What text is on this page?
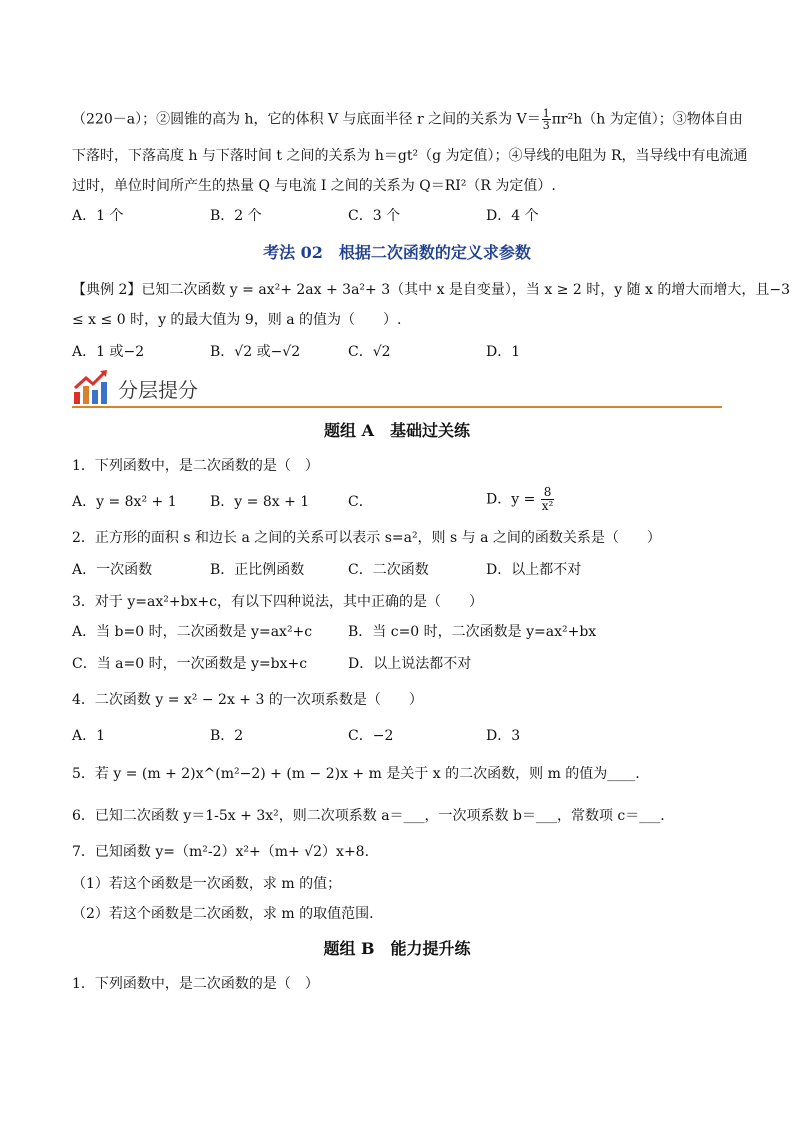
（220－a）；②圆锥的高为 h，它的体积 V 与底面半径 r 之间的关系为 $V= \frac{1}{3} \pi r^2h(h$ 为定值）；③物体自由
下落时，下落高度 h 与下落时间 t 之间的关系为 h＝gt²（g 为定值）；④导线的电阻为 R，当导线中有电流通
过时，单位时间所产生的热量 Q 与电流 I 之间的关系为 Q＝RI²（R 为定值）.
A．1 个	B．2 个	C．3 个	D．4 个
考法 02　根据二次函数的定义求参数
【典例 2】已知二次函数 y = ax²+ 2ax + 3a²+ 3（其中 x 是自变量），当 x ≥ 2 时，y 随 x 的增大而增大，且−3
≤ x ≤ 0 时，y 的最大值为 9，则 a 的值为（　　）.
A．1 或−2	B．√2 或−√2	C．√2	D．1
分层提分
题组 A　基础过关练
1．下列函数中，是二次函数的是（　）
A．y = 8x² + 1 B．y = 8x + 1	C．	D．$y = \frac{8}{\text{x²}}$
2．正方形的面积 s 和边长 a 之间的关系可以表示 s=a²，则 s 与 a 之间的函数关系是（　　）
A．一次函数	B．正比例函数	C．二次函数	D．以上都不对
3．对于 y=ax²+bx+c，有以下四种说法，其中正确的是（　　）
A．当 b=0 时，二次函数是 y=ax²+c	B．当 c=0 时，二次函数是 y=ax²+bx
C．当 a=0 时，一次函数是 y=bx+c	D．以上说法都不对
4．二次函数 y = x² − 2x + 3 的一次项系数是（　　）
A．1	B．2	C．−2	D．3
5．若 y = (m + 2)x^(m²−2) + (m − 2)x + m 是关于 x 的二次函数，则 m 的值为____.
6．已知二次函数 y＝1-5x + 3x²，则二次项系数 a＝___，一次项系数 b＝___，常数项 c＝___.
7．已知函数 y=（m²-2）x²+（m+ √2）x+8.
（1）若这个函数是一次函数，求 m 的值；
（2）若这个函数是二次函数，求 m 的取值范围.
题组 B　能力提升练
1．下列函数中，是二次函数的是（　）
